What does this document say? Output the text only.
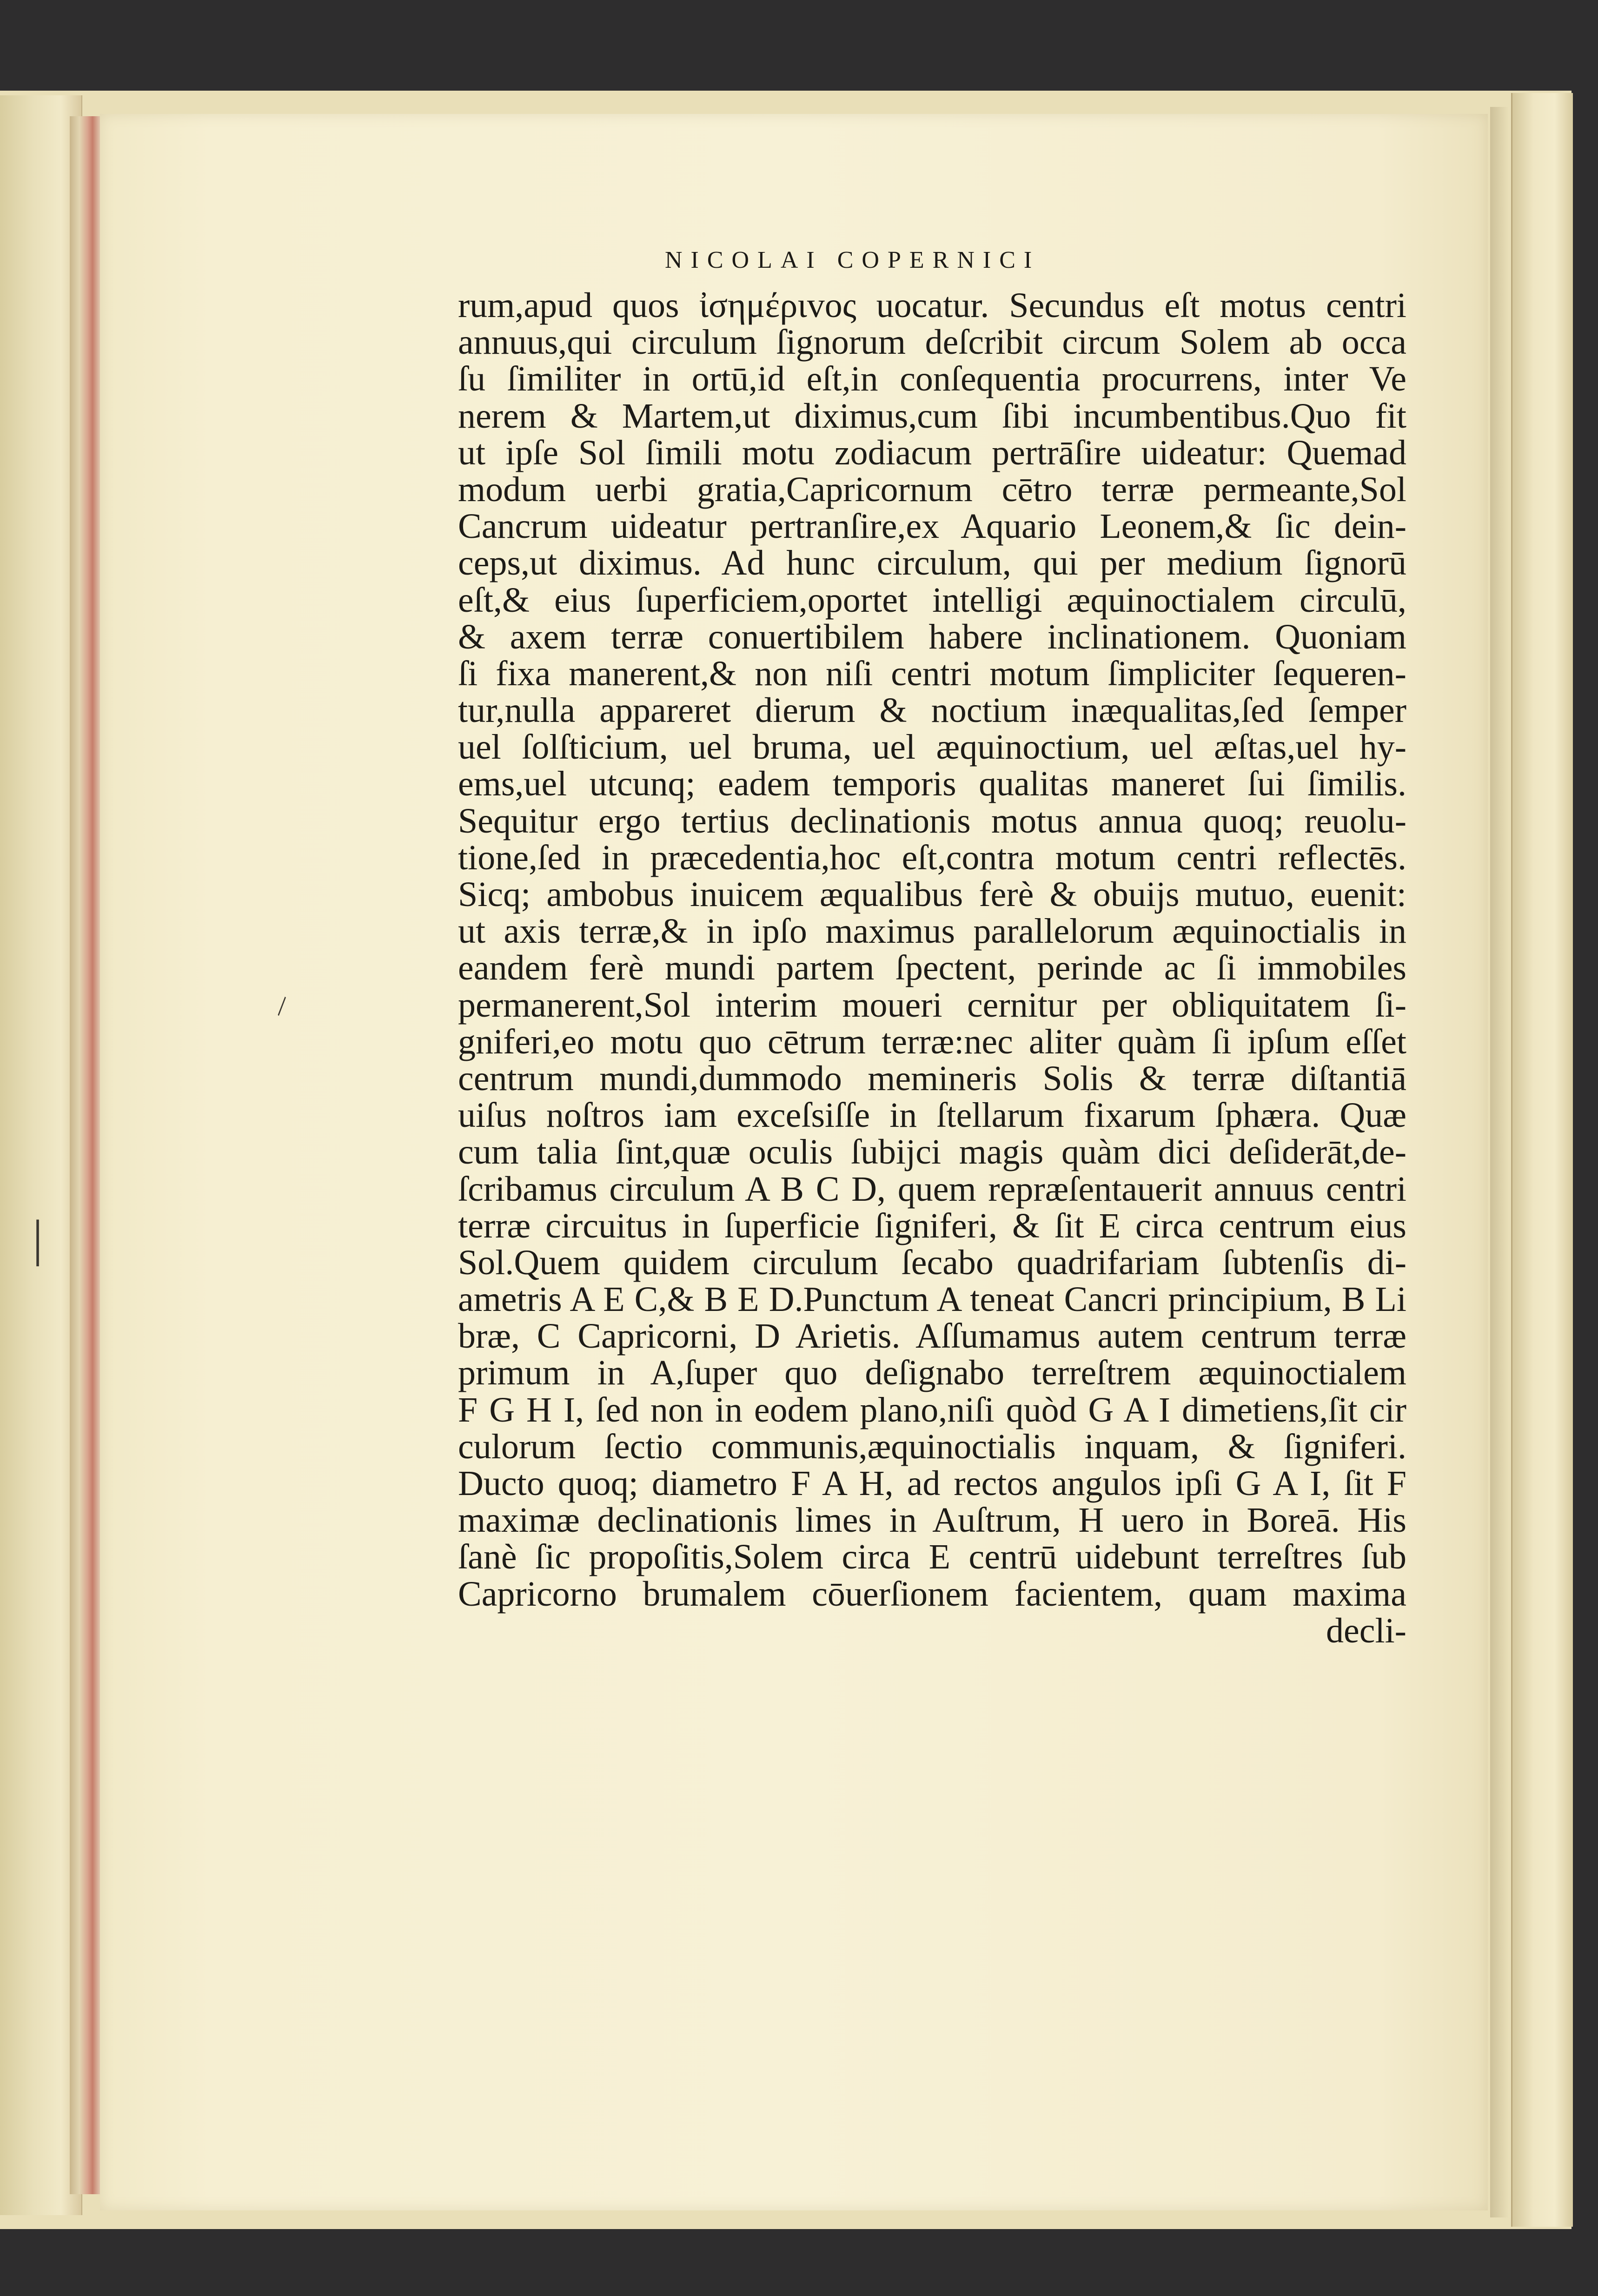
NICOLAI COPERNICI
rum,apud quos ἰσημέριvος uocatur. Secundus eſt motus centri
annuus,qui circulum ſignorum deſcribit circum Solem ab occa
ſu ſimiliter in ortū,id eſt,in conſequentia procurrens, inter Ve
nerem & Martem,ut diximus,cum ſibi incumbentibus.Quo fit
ut ipſe Sol ſimili motu zodiacum pertrāſire uideatur: Quemad
modum uerbi gratia,Capricornum cētro terræ permeante,Sol
Cancrum uideatur pertranſire,ex Aquario Leonem,& ſic dein-
ceps,ut diximus. Ad hunc circulum, qui per medium ſignorū
eſt,& eius ſuperficiem,oportet intelligi æquinoctialem circulū,
& axem terræ conuertibilem habere inclinationem. Quoniam
ſi fixa manerent,& non niſi centri motum ſimpliciter ſequeren-
tur,nulla appareret dierum & noctium inæqualitas,ſed ſemper
uel ſolſticium, uel bruma, uel æquinoctium, uel æſtas,uel hy-
ems,uel utcunq; eadem temporis qualitas maneret ſui ſimilis.
Sequitur ergo tertius declinationis motus annua quoq; reuolu-
tione,ſed in præcedentia,hoc eſt,contra motum centri reflectēs.
Sicq; ambobus inuicem æqualibus ferè & obuijs mutuo, euenit:
ut axis terræ,& in ipſo maximus parallelorum æquinoctialis in
eandem ferè mundi partem ſpectent, perinde ac ſi immobiles
permanerent,Sol interim moueri cernitur per obliquitatem ſi-
gniferi,eo motu quo cētrum terræ:nec aliter quàm ſi ipſum eſſet
centrum mundi,dummodo memineris Solis & terræ diſtantiā
uiſus noſtros iam exceſsiſſe in ſtellarum fixarum ſphæra. Quæ
cum talia ſint,quæ oculis ſubijci magis quàm dici deſiderāt,de-
ſcribamus circulum A B C D, quem repræſentauerit annuus centri
terræ circuitus in ſuperficie ſigniferi, & ſit E circa centrum eius
Sol.Quem quidem circulum ſecabo quadrifariam ſubtenſis di-
ametris A E C,& B E D.Punctum A teneat Cancri principium, B Li
bræ, C Capricorni, D Arietis. Aſſumamus autem centrum terræ
primum in A,ſuper quo deſignabo terreſtrem æquinoctialem
F G H I, ſed non in eodem plano,niſi quòd G A I dimetiens,ſit cir
culorum ſectio communis,æquinoctialis inquam, & ſigniferi.
Ducto quoq; diametro F A H, ad rectos angulos ipſi G A I, ſit F
maximæ declinationis limes in Auſtrum, H uero in Boreā. His
ſanè ſic propoſitis,Solem circa E centrū uidebunt terreſtres ſub
Capricorno brumalem cōuerſionem facientem, quam maxima
decli-
\
|
